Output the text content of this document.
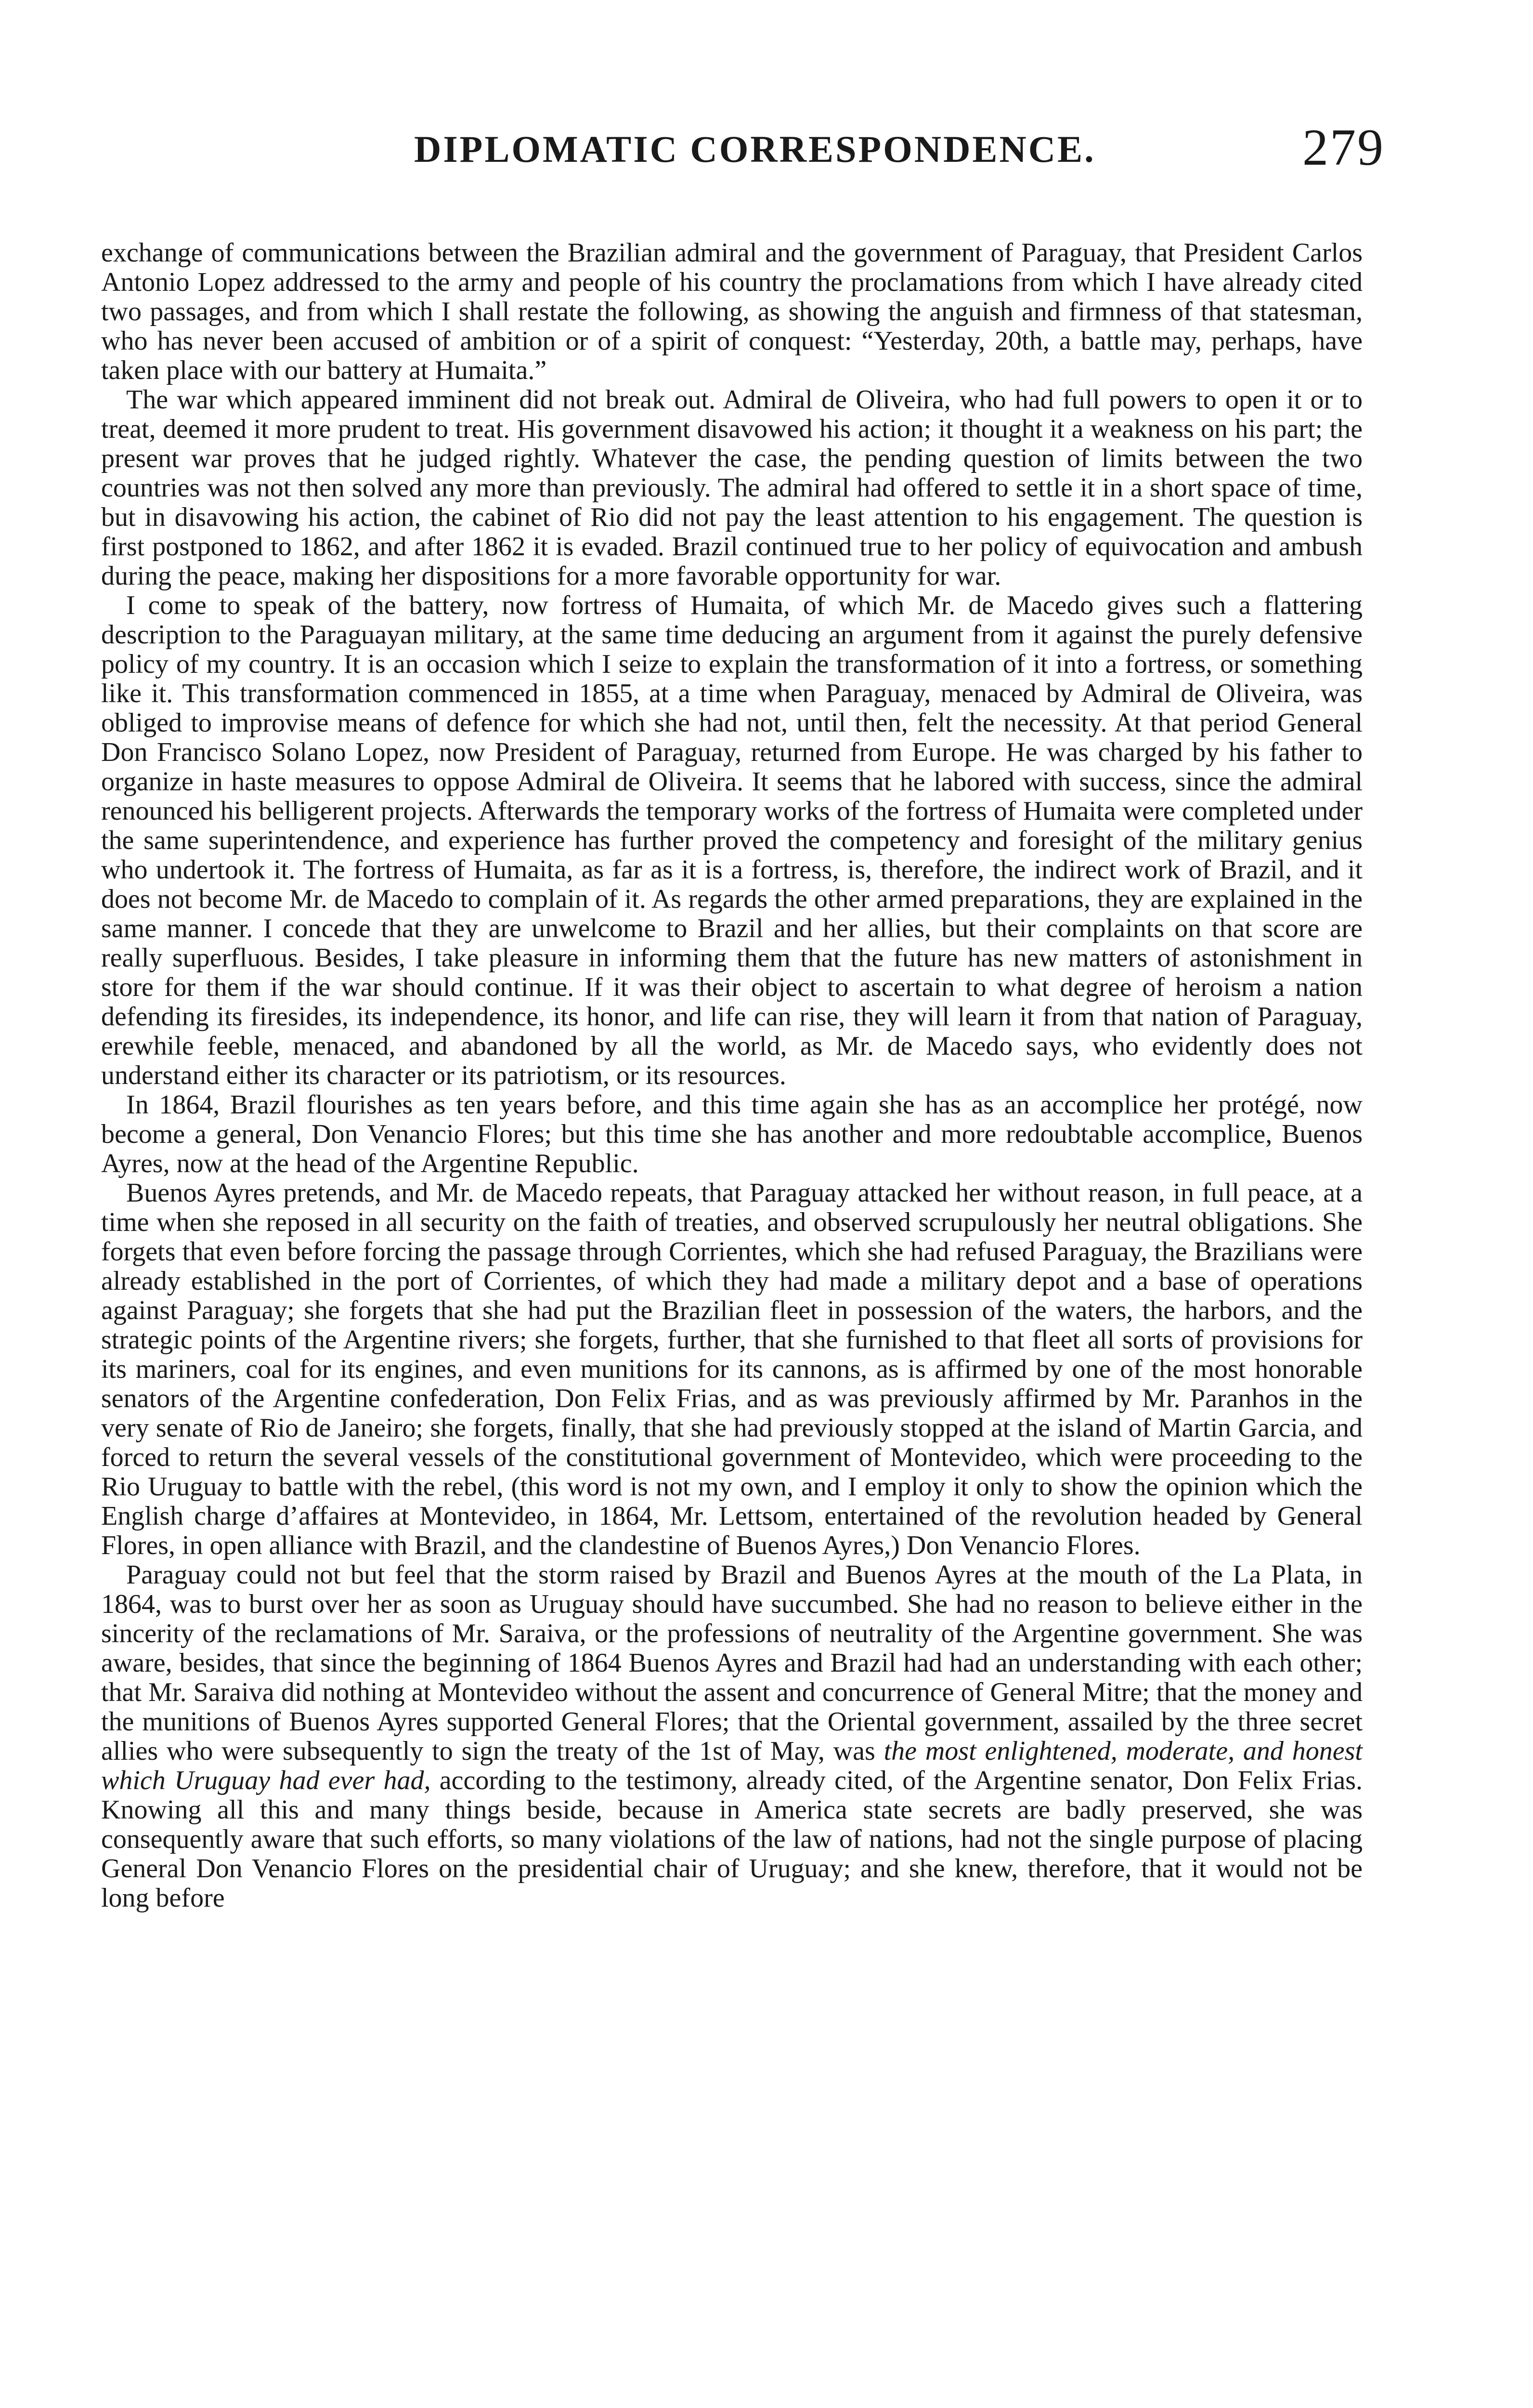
DIPLOMATIC CORRESPONDENCE.	279

exchange of communications between the Brazilian admiral and the government of Paraguay, that President Carlos Antonio Lopez addressed to the army and people of his country the proclamations from which I have already cited two passages, and from which I shall restate the following, as showing the anguish and firmness of that statesman, who has never been accused of ambition or of a spirit of conquest: “Yesterday, 20th, a battle may, perhaps, have taken place with our battery at Humaita.”

The war which appeared imminent did not break out. Admiral de Oliveira, who had full powers to open it or to treat, deemed it more prudent to treat. His government disavowed his action; it thought it a weakness on his part; the present war proves that he judged rightly. Whatever the case, the pending question of limits between the two countries was not then solved any more than previously. The admiral had offered to settle it in a short space of time, but in disavowing his action, the cabinet of Rio did not pay the least attention to his engagement. The question is first postponed to 1862, and after 1862 it is evaded. Brazil continued true to her policy of equivocation and ambush during the peace, making her dispositions for a more favorable opportunity for war.

I come to speak of the battery, now fortress of Humaita, of which Mr. de Macedo gives such a flattering description to the Paraguayan military, at the same time deducing an argument from it against the purely defensive policy of my country. It is an occasion which I seize to explain the transformation of it into a fortress, or something like it. This transformation commenced in 1855, at a time when Paraguay, menaced by Admiral de Oliveira, was obliged to improvise means of defence for which she had not, until then, felt the necessity. At that period General Don Francisco Solano Lopez, now President of Paraguay, returned from Europe. He was charged by his father to organize in haste measures to oppose Admiral de Oliveira. It seems that he labored with success, since the admiral renounced his belligerent projects. Afterwards the temporary works of the fortress of Humaita were completed under the same superintendence, and experience has further proved the competency and foresight of the military genius who undertook it. The fortress of Humaita, as far as it is a fortress, is, therefore, the indirect work of Brazil, and it does not become Mr. de Macedo to complain of it. As regards the other armed preparations, they are explained in the same manner. I concede that they are unwelcome to Brazil and her allies, but their complaints on that score are really superfluous. Besides, I take pleasure in informing them that the future has new matters of astonishment in store for them if the war should continue. If it was their object to ascertain to what degree of heroism a nation defending its firesides, its independence, its honor, and life can rise, they will learn it from that nation of Paraguay, erewhile feeble, menaced, and abandoned by all the world, as Mr. de Macedo says, who evidently does not understand either its character or its patriotism, or its resources.

In 1864, Brazil flourishes as ten years before, and this time again she has as an accomplice her protégé, now become a general, Don Venancio Flores; but this time she has another and more redoubtable accomplice, Buenos Ayres, now at the head of the Argentine Republic.

Buenos Ayres pretends, and Mr. de Macedo repeats, that Paraguay attacked her without reason, in full peace, at a time when she reposed in all security on the faith of treaties, and observed scrupulously her neutral obligations. She forgets that even before forcing the passage through Corrientes, which she had refused Paraguay, the Brazilians were already established in the port of Corrientes, of which they had made a military depot and a base of operations against Paraguay; she forgets that she had put the Brazilian fleet in possession of the waters, the harbors, and the strategic points of the Argentine rivers; she forgets, further, that she furnished to that fleet all sorts of provisions for its mariners, coal for its engines, and even munitions for its cannons, as is affirmed by one of the most honorable senators of the Argentine confederation, Don Felix Frias, and as was previously affirmed by Mr. Paranhos in the very senate of Rio de Janeiro; she forgets, finally, that she had previously stopped at the island of Martin Garcia, and forced to return the several vessels of the constitutional government of Montevideo, which were proceeding to the Rio Uruguay to battle with the rebel, (this word is not my own, and I employ it only to show the opinion which the English charge d’affaires at Montevideo, in 1864, Mr. Lettsom, entertained of the revolution headed by General Flores, in open alliance with Brazil, and the clandestine of Buenos Ayres,) Don Venancio Flores.

Paraguay could not but feel that the storm raised by Brazil and Buenos Ayres at the mouth of the La Plata, in 1864, was to burst over her as soon as Uruguay should have succumbed. She had no reason to believe either in the sincerity of the reclamations of Mr. Saraiva, or the professions of neutrality of the Argentine government. She was aware, besides, that since the beginning of 1864 Buenos Ayres and Brazil had had an understanding with each other; that Mr. Saraiva did nothing at Montevideo without the assent and concurrence of General Mitre; that the money and the munitions of Buenos Ayres supported General Flores; that the Oriental government, assailed by the three secret allies who were subsequently to sign the treaty of the 1st of May, was the most enlightened, moderate, and honest which Uruguay had ever had, according to the testimony, already cited, of the Argentine senator, Don Felix Frias. Knowing all this and many things beside, because in America state secrets are badly preserved, she was consequently aware that such efforts, so many violations of the law of nations, had not the single purpose of placing General Don Venancio Flores on the presidential chair of Uruguay; and she knew, therefore, that it would not be long before
